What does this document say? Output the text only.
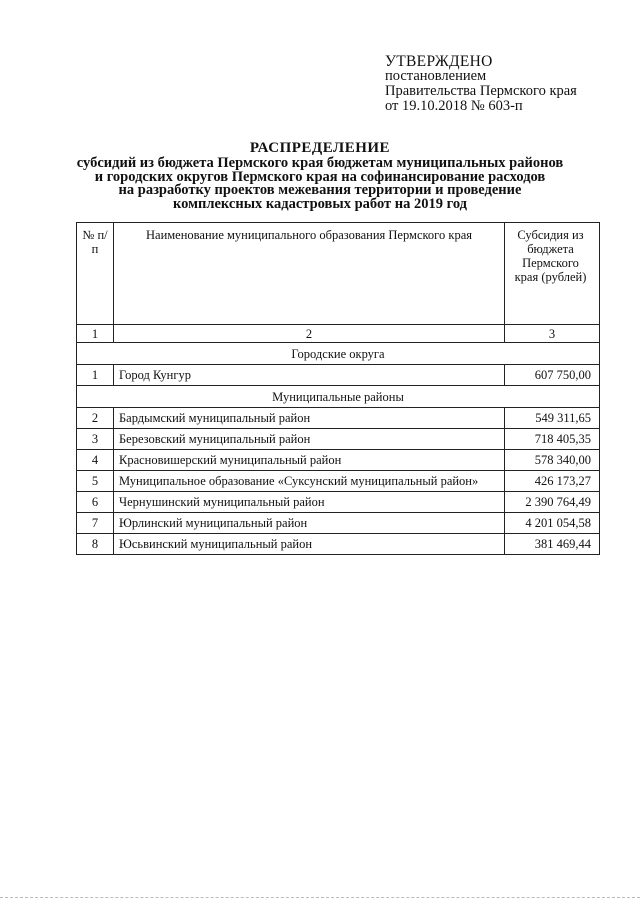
УТВЕРЖДЕНО
постановлением
Правительства Пермского края
от 19.10.2018 № 603-п
РАСПРЕДЕЛЕНИЕ
субсидий из бюджета Пермского края бюджетам муниципальных районов
и городских округов Пермского края на софинансирование расходов
на разработку проектов межевания территории и проведение
комплексных кадастровых работ на 2019 год
№ п/п	Наименование муниципального образования Пермского края	Субсидия из бюджета Пермского края (рублей)
1	2	3
Городские округа		
1	Город Кунгур	607 750,00
Муниципальные районы		
2	Бардымский муниципальный район	549 311,65
3	Березовский муниципальный район	718 405,35
4	Красновишерский муниципальный район	578 340,00
5	Муниципальное образование «Суксунский муниципальный район»	426 173,27
6	Чернушинский муниципальный район	2 390 764,49
7	Юрлинский муниципальный район	4 201 054,58
8	Юсьвинский муниципальный район	381 469,44
